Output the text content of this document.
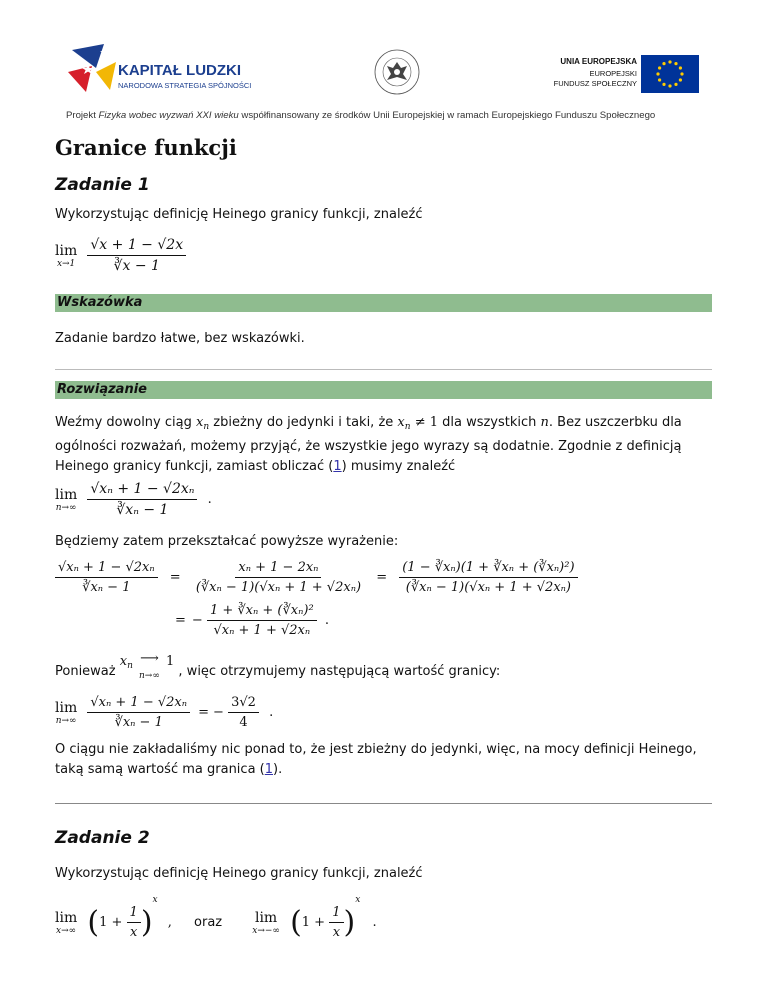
KAPITAŁ LUDZKI
NARODOWA STRATEGIA SPÓJNOŚCI
UNIA EUROPEJSKA
EUROPEJSKI
FUNDUSZ SPOŁECZNY
Projekt Fizyka wobec wyzwań XXI wieku współfinansowany ze środków Unii Europejskiej w ramach Europejskiego Funduszu Społecznego
Granice funkcji
Zadanie 1
Wykorzystując definicję Heinego granicy funkcji, znaleźć
lim
x→1
$\frac{√x + 1 - √2x}{∛x - 1}$
Wskazówka
Zadanie bardzo łatwe, bez wskazówki.
Rozwiązanie
Weźmy dowolny ciąg $x_n$ zbieżny do jedynki i taki, że $x_n \ne 1$ dla wszystkich n. Bez uszczerbku dla
ogólności rozważań, możemy przyjąć, że wszystkie jego wyrazy są dodatnie. Zgodnie z definicją
Heinego granicy funkcji, zamiast obliczać (1) musimy znaleźć
lim
n→∞
$\frac{\text{√xₙ + 1 − √2xₙ}}{\text{∛xₙ − 1}}$ .
Będziemy zatem przekształcać powyższe wyrażenie:
$\frac{\text{√xₙ + 1 − √2xₙ}}{\text{∛xₙ − 1}} = \frac{\text{xₙ + 1 − 2xₙ}}{\text{(∛xₙ − 1)(√xₙ + 1 + √2xₙ)}} = \frac{\text{(1 − ∛xₙ)(1 + ∛xₙ + (∛xₙ)²)}}{\text{(∛xₙ − 1)(√xₙ + 1 + √2xₙ)}}$
= − $\frac{\text{1 + ∛xₙ + (∛xₙ)²}}{\text{√xₙ + 1 + √2xₙ}}$ .
Ponieważ $x_n$ ⟶
n→∞
1 , więc otrzymujemy następującą wartość granicy:
lim
n→∞
$\frac{\text{√xₙ + 1 − √2xₙ}}{\text{∛xₙ − 1}}$ = − $\frac{3√2}{4}$ .
O ciągu nie zakładaliśmy nic ponad to, że jest zbieżny do jedynki, więc, na mocy definicji Heinego,
taką samą wartość ma granica (1).
Zadanie 2
Wykorzystując definicję Heinego granicy funkcji, znaleźć
lim
x→∞ $(1 + \frac{1}{x} )^x$ , oraz lim
x→−∞ $(1 + \frac{1}{x} )^x$ .
